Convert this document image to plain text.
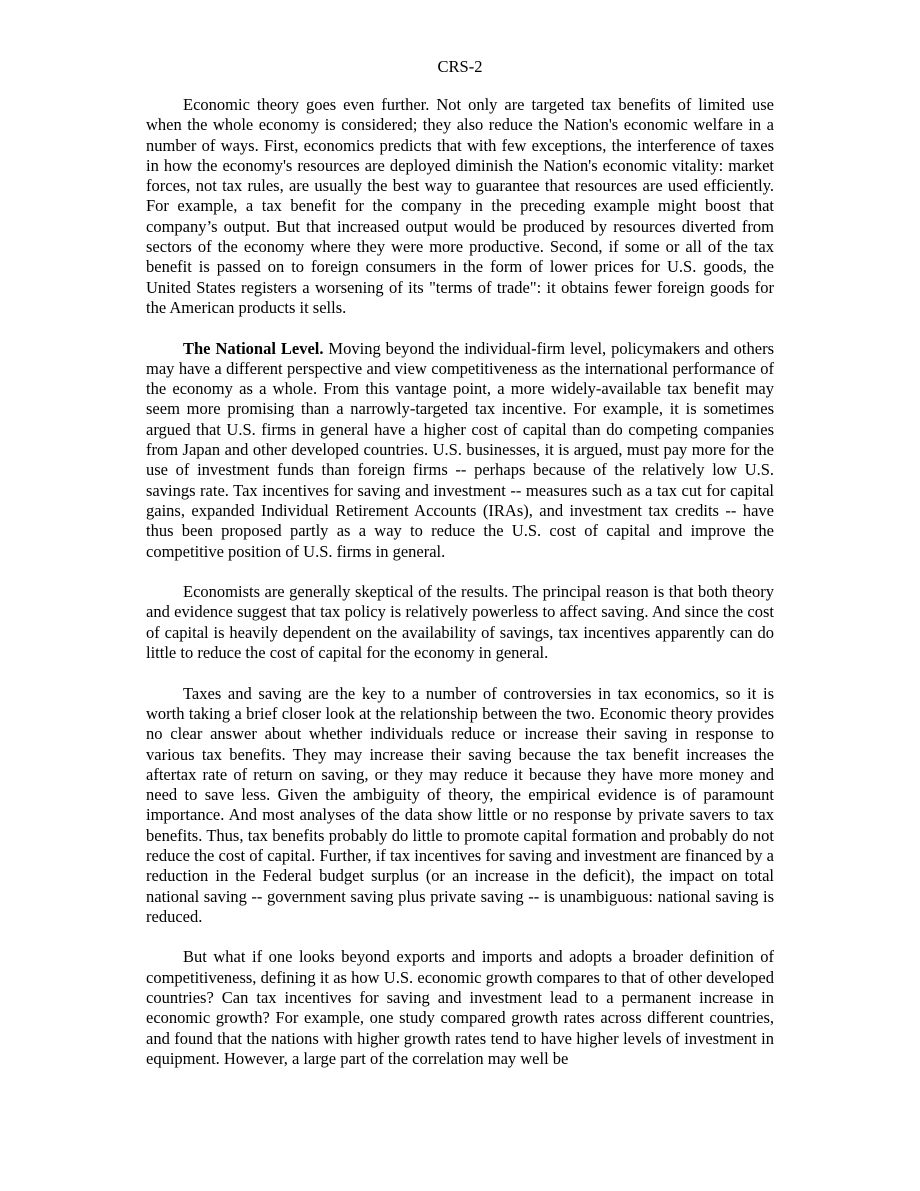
CRS-2

Economic theory goes even further. Not only are targeted tax benefits of limited use when the whole economy is considered; they also reduce the Nation's economic welfare in a number of ways. First, economics predicts that with few exceptions, the interference of taxes in how the economy's resources are deployed diminish the Nation's economic vitality: market forces, not tax rules, are usually the best way to guarantee that resources are used efficiently. For example, a tax benefit for the company in the preceding example might boost that company’s output. But that increased output would be produced by resources diverted from sectors of the economy where they were more productive. Second, if some or all of the tax benefit is passed on to foreign consumers in the form of lower prices for U.S. goods, the United States registers a worsening of its "terms of trade": it obtains fewer foreign goods for the American products it sells.

The National Level. Moving beyond the individual-firm level, policymakers and others may have a different perspective and view competitiveness as the international performance of the economy as a whole. From this vantage point, a more widely-available tax benefit may seem more promising than a narrowly-targeted tax incentive. For example, it is sometimes argued that U.S. firms in general have a higher cost of capital than do competing companies from Japan and other developed countries. U.S. businesses, it is argued, must pay more for the use of investment funds than foreign firms -- perhaps because of the relatively low U.S. savings rate. Tax incentives for saving and investment -- measures such as a tax cut for capital gains, expanded Individual Retirement Accounts (IRAs), and investment tax credits -- have thus been proposed partly as a way to reduce the U.S. cost of capital and improve the competitive position of U.S. firms in general.

Economists are generally skeptical of the results. The principal reason is that both theory and evidence suggest that tax policy is relatively powerless to affect saving. And since the cost of capital is heavily dependent on the availability of savings, tax incentives apparently can do little to reduce the cost of capital for the economy in general.

Taxes and saving are the key to a number of controversies in tax economics, so it is worth taking a brief closer look at the relationship between the two. Economic theory provides no clear answer about whether individuals reduce or increase their saving in response to various tax benefits. They may increase their saving because the tax benefit increases the aftertax rate of return on saving, or they may reduce it because they have more money and need to save less. Given the ambiguity of theory, the empirical evidence is of paramount importance. And most analyses of the data show little or no response by private savers to tax benefits. Thus, tax benefits probably do little to promote capital formation and probably do not reduce the cost of capital. Further, if tax incentives for saving and investment are financed by a reduction in the Federal budget surplus (or an increase in the deficit), the impact on total national saving -- government saving plus private saving -- is unambiguous: national saving is reduced.

But what if one looks beyond exports and imports and adopts a broader definition of competitiveness, defining it as how U.S. economic growth compares to that of other developed countries? Can tax incentives for saving and investment lead to a permanent increase in economic growth? For example, one study compared growth rates across different countries, and found that the nations with higher growth rates tend to have higher levels of investment in equipment. However, a large part of the correlation may well be
